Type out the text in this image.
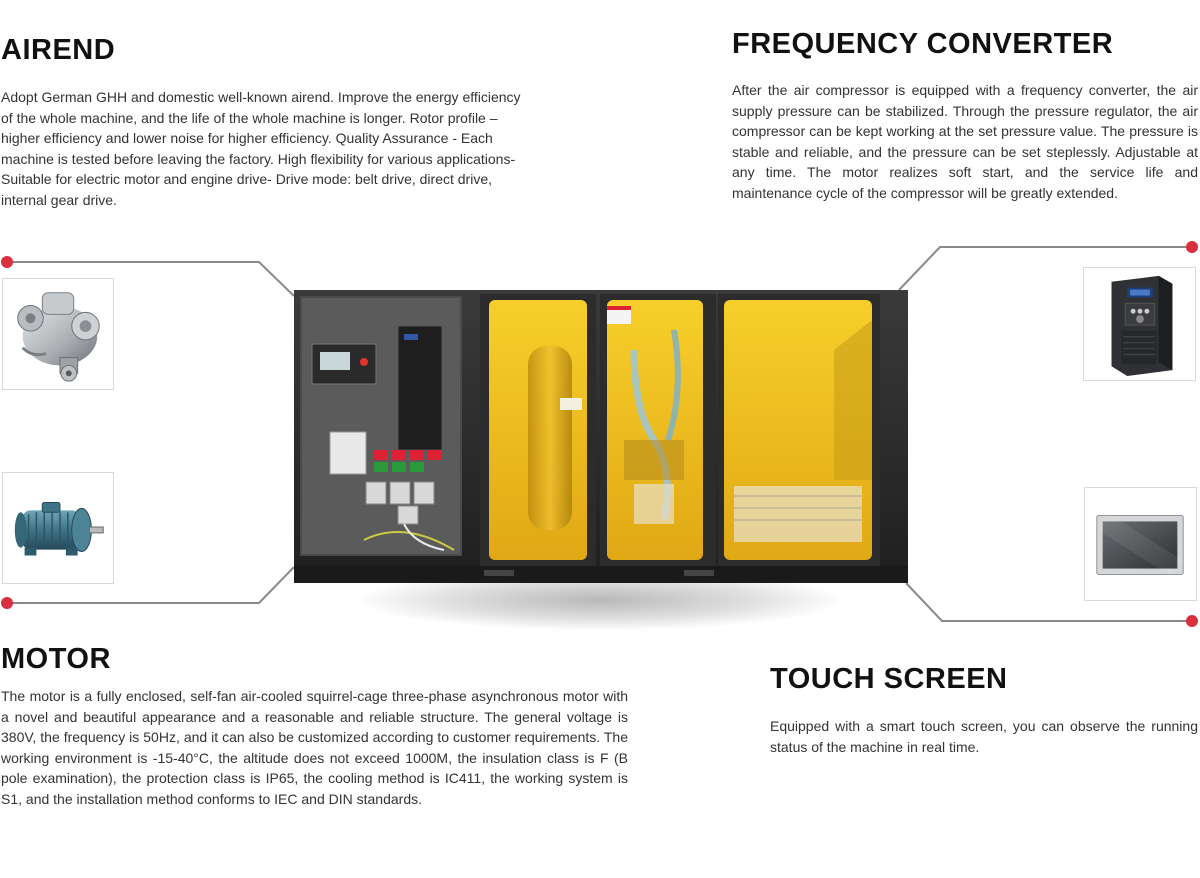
AIREND

Adopt German GHH and domestic well-known airend. Improve the energy efficiency of the whole machine, and the life of the whole machine is longer. Rotor profile – higher efficiency and lower noise for higher efficiency. Quality Assurance - Each machine is tested before leaving the factory. High flexibility for various applications- Suitable for electric motor and engine drive- Drive mode: belt drive, direct drive, internal gear drive.

FREQUENCY CONVERTER

After the air compressor is equipped with a frequency converter, the air supply pressure can be stabilized. Through the pressure regulator, the air compressor can be kept working at the set pressure value. The pressure is stable and reliable, and the pressure can be set steplessly. Adjustable at any time. The motor realizes soft start, and the service life and maintenance cycle of the compressor will be greatly extended.

MOTOR

The motor is a fully enclosed, self-fan air-cooled squirrel-cage three-phase asynchronous motor with a novel and beautiful appearance and a reasonable and reliable structure. The general voltage is 380V, the frequency is 50Hz, and it can also be customized according to customer requirements. The working environment is -15-40°C, the altitude does not exceed 1000M, the insulation class is F (B pole examination), the protection class is IP65, the cooling method is IC411, the working system is S1, and the installation method conforms to IEC and DIN standards.

TOUCH SCREEN

Equipped with a smart touch screen, you can observe the running status of the machine in real time.
